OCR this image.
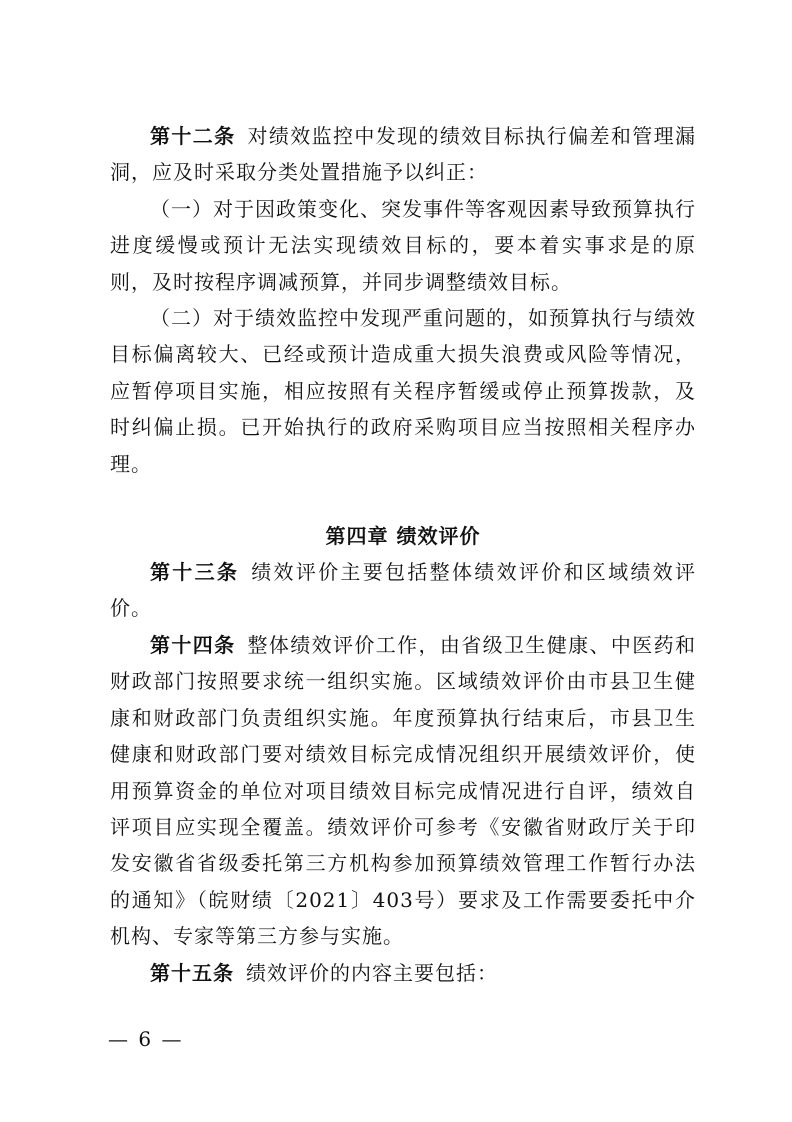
第十二条 对绩效监控中发现的绩效目标执行偏差和管理漏洞，应及时采取分类处置措施予以纠正：

（一）对于因政策变化、突发事件等客观因素导致预算执行进度缓慢或预计无法实现绩效目标的，要本着实事求是的原则，及时按程序调减预算，并同步调整绩效目标。

（二）对于绩效监控中发现严重问题的，如预算执行与绩效目标偏离较大、已经或预计造成重大损失浪费或风险等情况，应暂停项目实施，相应按照有关程序暂缓或停止预算拨款，及时纠偏止损。已开始执行的政府采购项目应当按照相关程序办理。

第四章 绩效评价

第十三条 绩效评价主要包括整体绩效评价和区域绩效评价。

第十四条 整体绩效评价工作，由省级卫生健康、中医药和财政部门按照要求统一组织实施。区域绩效评价由市县卫生健康和财政部门负责组织实施。年度预算执行结束后，市县卫生健康和财政部门要对绩效目标完成情况组织开展绩效评价，使用预算资金的单位对项目绩效目标完成情况进行自评，绩效自评项目应实现全覆盖。绩效评价可参考《安徽省财政厅关于印发安徽省省级委托第三方机构参加预算绩效管理工作暂行办法的通知》（皖财绩〔2021〕403号）要求及工作需要委托中介机构、专家等第三方参与实施。

第十五条 绩效评价的内容主要包括：

— 6 —
